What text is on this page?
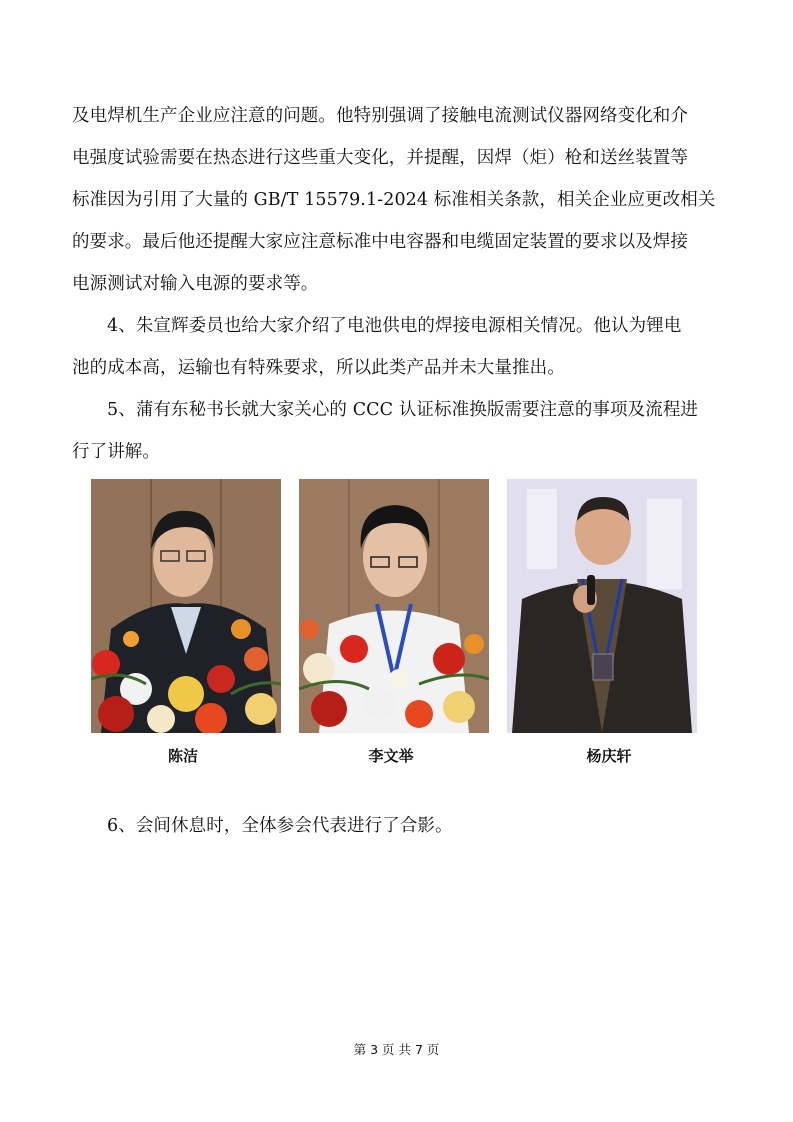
及电焊机生产企业应注意的问题。他特别强调了接触电流测试仪器网络变化和介
电强度试验需要在热态进行这些重大变化，并提醒，因焊（炬）枪和送丝装置等
标准因为引用了大量的 GB/T 15579.1-2024 标准相关条款，相关企业应更改相关
的要求。最后他还提醒大家应注意标准中电容器和电缆固定装置的要求以及焊接
电源测试对输入电源的要求等。
4、朱宣辉委员也给大家介绍了电池供电的焊接电源相关情况。他认为锂电
池的成本高，运输也有特殊要求，所以此类产品并未大量推出。
5、蒲有东秘书长就大家关心的 CCC 认证标准换版需要注意的事项及流程进
行了讲解。
陈洁	李文举	杨庆轩
6、会间休息时，全体参会代表进行了合影。
第 3 页 共 7 页
